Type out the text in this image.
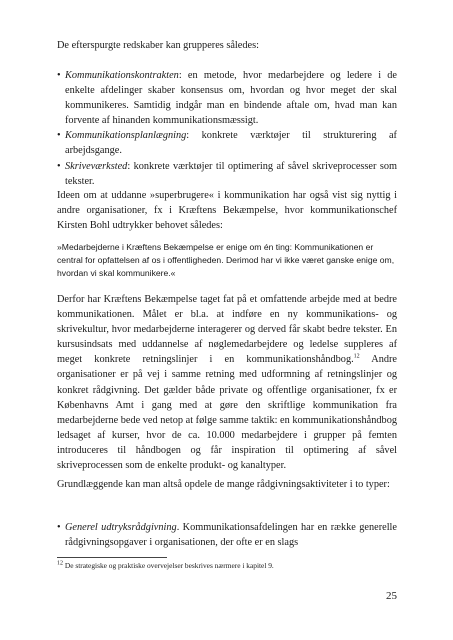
De efterspurgte redskaber kan grupperes således:

• Kommunikationskontrakten: en metode, hvor medarbejdere og ledere i de enkelte afdelinger skaber konsensus om, hvordan og hvor meget der skal kommunikeres. Samtidig indgår man en bindende aftale om, hvad man kan forvente af hinanden kommunikationsmæssigt.
• Kommunikationsplanlægning: konkrete værktøjer til strukturering af arbejdsgange.
• Skriveværksted: konkrete værktøjer til optimering af såvel skriveprocesser som tekster.

Ideen om at uddanne »superbrugere« i kommunikation har også vist sig nyttig i andre organisationer, fx i Kræftens Bekæmpelse, hvor kommunikationschef Kirsten Bohl udtrykker behovet således:

»Medarbejderne i Kræftens Bekæmpelse er enige om én ting: Kommunikationen er central for opfattelsen af os i offentligheden. Derimod har vi ikke været ganske enige om, hvordan vi skal kommunikere.«

Derfor har Kræftens Bekæmpelse taget fat på et omfattende arbejde med at bedre kommunikationen. Målet er bl.a. at indføre en ny kommunikations- og skrivekultur, hvor medarbejderne interagerer og derved får skabt bedre tekster. En kursusindsats med uddannelse af nøglemedarbejdere og ledelse suppleres af meget konkrete retningslinjer i en kommunikationshåndbog.$^{12}$ Andre organisationer er på vej i samme retning med udformning af retningslinjer og konkret rådgivning. Det gælder både private og offentlige organisationer, fx er Københavns Amt i gang med at gøre den skriftlige kommunikation fra medarbejderne bede ved netop at følge samme taktik: en kommunikationshåndbog ledsaget af kurser, hvor de ca. 10.000 medarbejdere i grupper på femten introduceres til håndbogen og får inspiration til optimering af såvel skriveprocessen som de enkelte produkt- og kanaltyper.

Grundlæggende kan man altså opdele de mange rådgivningsaktiviteter i to typer:

• Generel udtryksrådgivning. Kommunikationsafdelingen har en række generelle rådgivningsopgaver i organisationen, der ofte er en slags

$^{12}$ De strategiske og praktiske overvejelser beskrives nærmere i kapitel 9.

25
